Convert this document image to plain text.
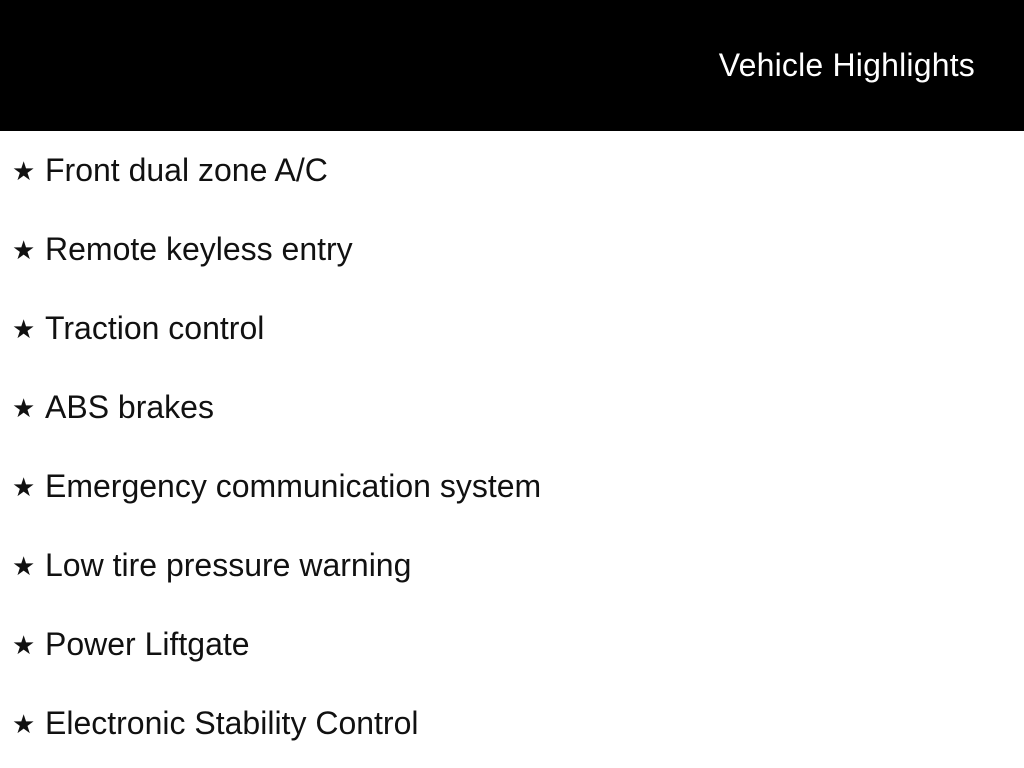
Vehicle Highlights
★ Front dual zone A/C
★ Remote keyless entry
★ Traction control
★ ABS brakes
★ Emergency communication system
★ Low tire pressure warning
★ Power Liftgate
★ Electronic Stability Control
